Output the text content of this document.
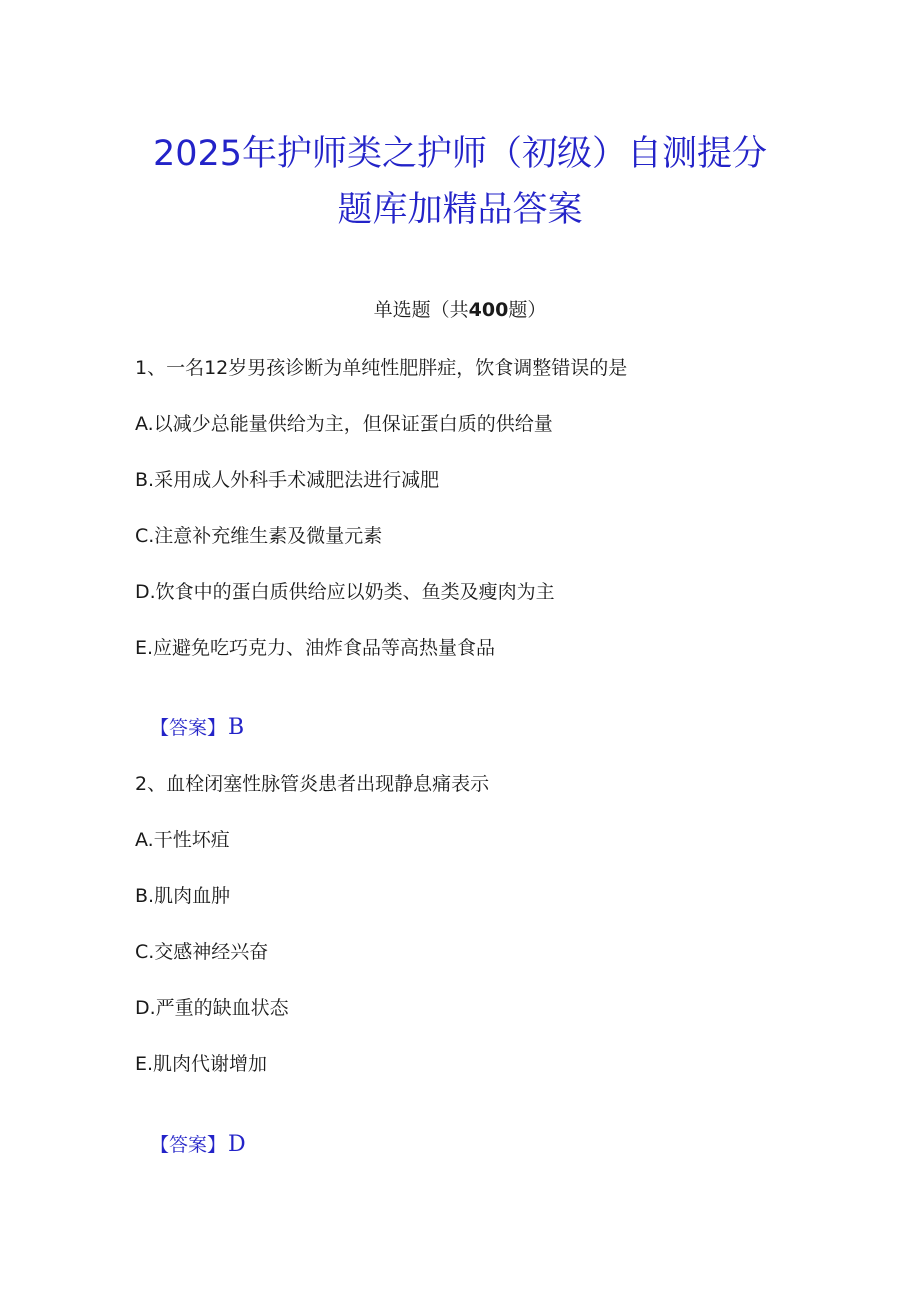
2025年护师类之护师（初级）自测提分
题库加精品答案
单选题（共400题）
1、一名12岁男孩诊断为单纯性肥胖症，饮食调整错误的是
A.以减少总能量供给为主，但保证蛋白质的供给量
B.采用成人外科手术减肥法进行减肥
C.注意补充维生素及微量元素
D.饮食中的蛋白质供给应以奶类、鱼类及瘦肉为主
E.应避免吃巧克力、油炸食品等高热量食品
【答案】B
2、血栓闭塞性脉管炎患者出现静息痛表示
A.干性坏疽
B.肌肉血肿
C.交感神经兴奋
D.严重的缺血状态
E.肌肉代谢增加
【答案】D
